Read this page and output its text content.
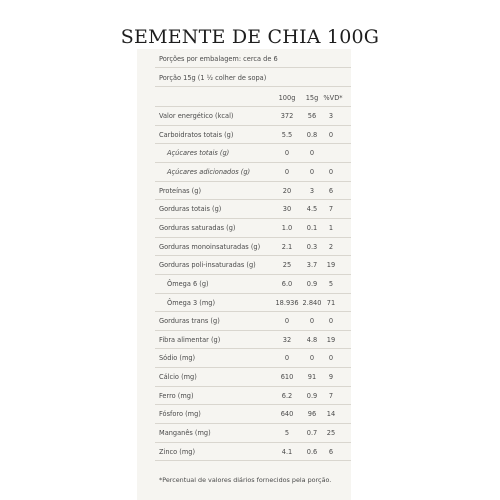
SEMENTE DE CHIA 100G
Porções por embalagem: cerca de 6
Porção 15g (1 ½ colher de sopa)
100g	15g %VD*
Valor energético (kcal)	372	56	3
Carboidratos totais (g)	5.5	0.8	0
Açúcares totais (g)	0	0
Açúcares adicionados (g)	0	0	0
Proteínas (g)	20	3	6
Gorduras totais (g)	30	4.5	7
Gorduras saturadas (g)	1.0	0.1	1
Gorduras monoinsaturadas (g)	2.1	0.3	2
Gorduras poli-insaturadas (g)	25	3.7	19
Ômega 6 (g)	6.0	0.9	5
Ômega 3 (mg)	18.936 2.840 71
Gorduras trans (g)	0	0	0
Fibra alimentar (g)	32	4.8	19
Sódio (mg)	0	0	0
Cálcio (mg)	610	91	9
Ferro (mg)	6.2	0.9	7
Fósforo (mg)	640	96	14
Manganês (mg)	5	0.7	25
Zinco (mg)	4.1	0.6	6
*Percentual de valores diários fornecidos pela porção.
